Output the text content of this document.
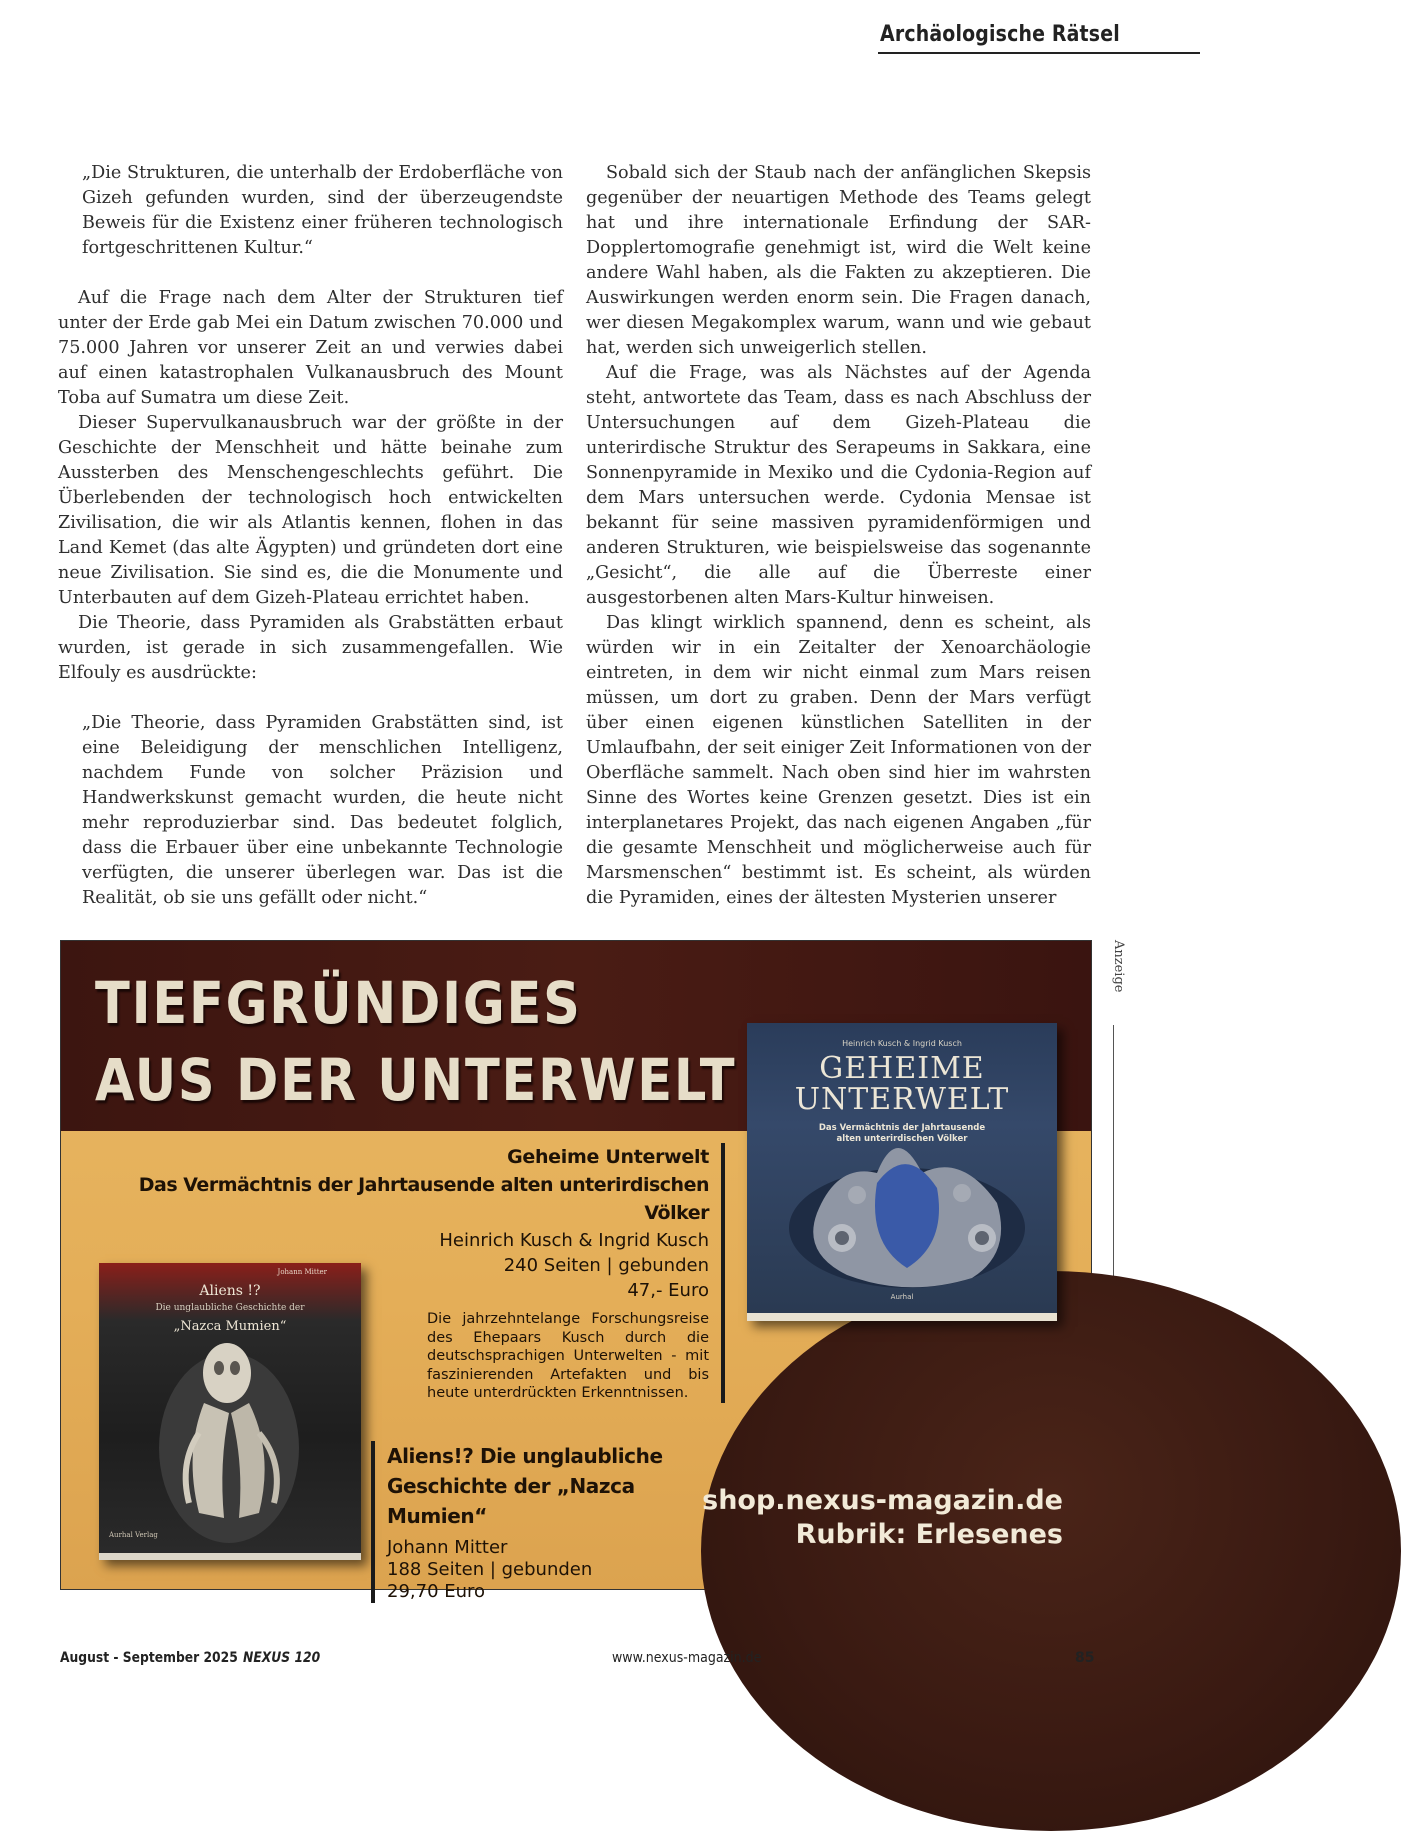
Archäologische Rätsel

„Die Strukturen, die unterhalb der Erdoberfläche von Gizeh gefunden wurden, sind der überzeugendste Beweis für die Existenz einer früheren technologisch fortgeschrittenen Kultur.“

Auf die Frage nach dem Alter der Strukturen tief unter der Erde gab Mei ein Datum zwischen 70.000 und 75.000 Jahren vor unserer Zeit an und verwies dabei auf einen katastrophalen Vulkanausbruch des Mount Toba auf Sumatra um diese Zeit.

Dieser Supervulkanausbruch war der größte in der Geschichte der Menschheit und hätte beinahe zum Aussterben des Menschengeschlechts geführt. Die Überlebenden der technologisch hoch entwickelten Zivilisation, die wir als Atlantis kennen, flohen in das Land Kemet (das alte Ägypten) und gründeten dort eine neue Zivilisation. Sie sind es, die die Monumente und Unterbauten auf dem Gizeh-Plateau errichtet haben.

Die Theorie, dass Pyramiden als Grabstätten erbaut wurden, ist gerade in sich zusammengefallen. Wie Elfouly es ausdrückte:

„Die Theorie, dass Pyramiden Grabstätten sind, ist eine Beleidigung der menschlichen Intelligenz, nachdem Funde von solcher Präzision und Handwerkskunst gemacht wurden, die heute nicht mehr reproduzierbar sind. Das bedeutet folglich, dass die Erbauer über eine unbekannte Technologie verfügten, die unserer überlegen war. Das ist die Realität, ob sie uns gefällt oder nicht.“

Sobald sich der Staub nach der anfänglichen Skepsis gegenüber der neuartigen Methode des Teams gelegt hat und ihre internationale Erfindung der SAR-Dopplertomografie genehmigt ist, wird die Welt keine andere Wahl haben, als die Fakten zu akzeptieren. Die Auswirkungen werden enorm sein. Die Fragen danach, wer diesen Megakomplex warum, wann und wie gebaut hat, werden sich unweigerlich stellen.

Auf die Frage, was als Nächstes auf der Agenda steht, antwortete das Team, dass es nach Abschluss der Untersuchungen auf dem Gizeh-Plateau die unterirdische Struktur des Serapeums in Sakkara, eine Sonnenpyramide in Mexiko und die Cydonia-Region auf dem Mars untersuchen werde. Cydonia Mensae ist bekannt für seine massiven pyramidenförmigen und anderen Strukturen, wie beispielsweise das sogenannte „Gesicht“, die alle auf die Überreste einer ausgestorbenen alten Mars-Kultur hinweisen.

Das klingt wirklich spannend, denn es scheint, als würden wir in ein Zeitalter der Xenoarchäologie eintreten, in dem wir nicht einmal zum Mars reisen müssen, um dort zu graben. Denn der Mars verfügt über einen eigenen künstlichen Satelliten in der Umlaufbahn, der seit einiger Zeit Informationen von der Oberfläche sammelt. Nach oben sind hier im wahrsten Sinne des Wortes keine Grenzen gesetzt. Dies ist ein interplanetares Projekt, das nach eigenen Angaben „für die gesamte Menschheit und möglicherweise auch für Marsmenschen“ bestimmt ist. Es scheint, als würden die Pyramiden, eines der ältesten Mysterien unserer

Anzeige
TIEFGRÜNDIGES
AUS DER UNTERWELT
Heinrich Kusch & Ingrid Kusch
GEHEIME
UNTERWELT
Das Vermächtnis der Jahrtausende
alten unterirdischen Völker
Aurhal
Geheime Unterwelt
Das Vermächtnis der Jahrtausende alten unterirdischen Völker
Heinrich Kusch & Ingrid Kusch
240 Seiten | gebunden
47,- Euro
Die jahrzehntelange Forschungsreise des Ehepaars Kusch durch die deutschsprachigen Unterwelten - mit faszinierenden Artefakten und bis heute unterdrückten Erkenntnissen.
Johann Mitter
Aliens !?
Die unglaubliche Geschichte der
„Nazca Mumien“
Aurhal Verlag
Aliens!? Die unglaubliche
Geschichte der „Nazca Mumien“
Johann Mitter
188 Seiten | gebunden
29,70 Euro
shop.nexus-magazin.de
Rubrik: Erlesenes
August - September 2025 NEXUS 120	www.nexus-magazin.de	85
